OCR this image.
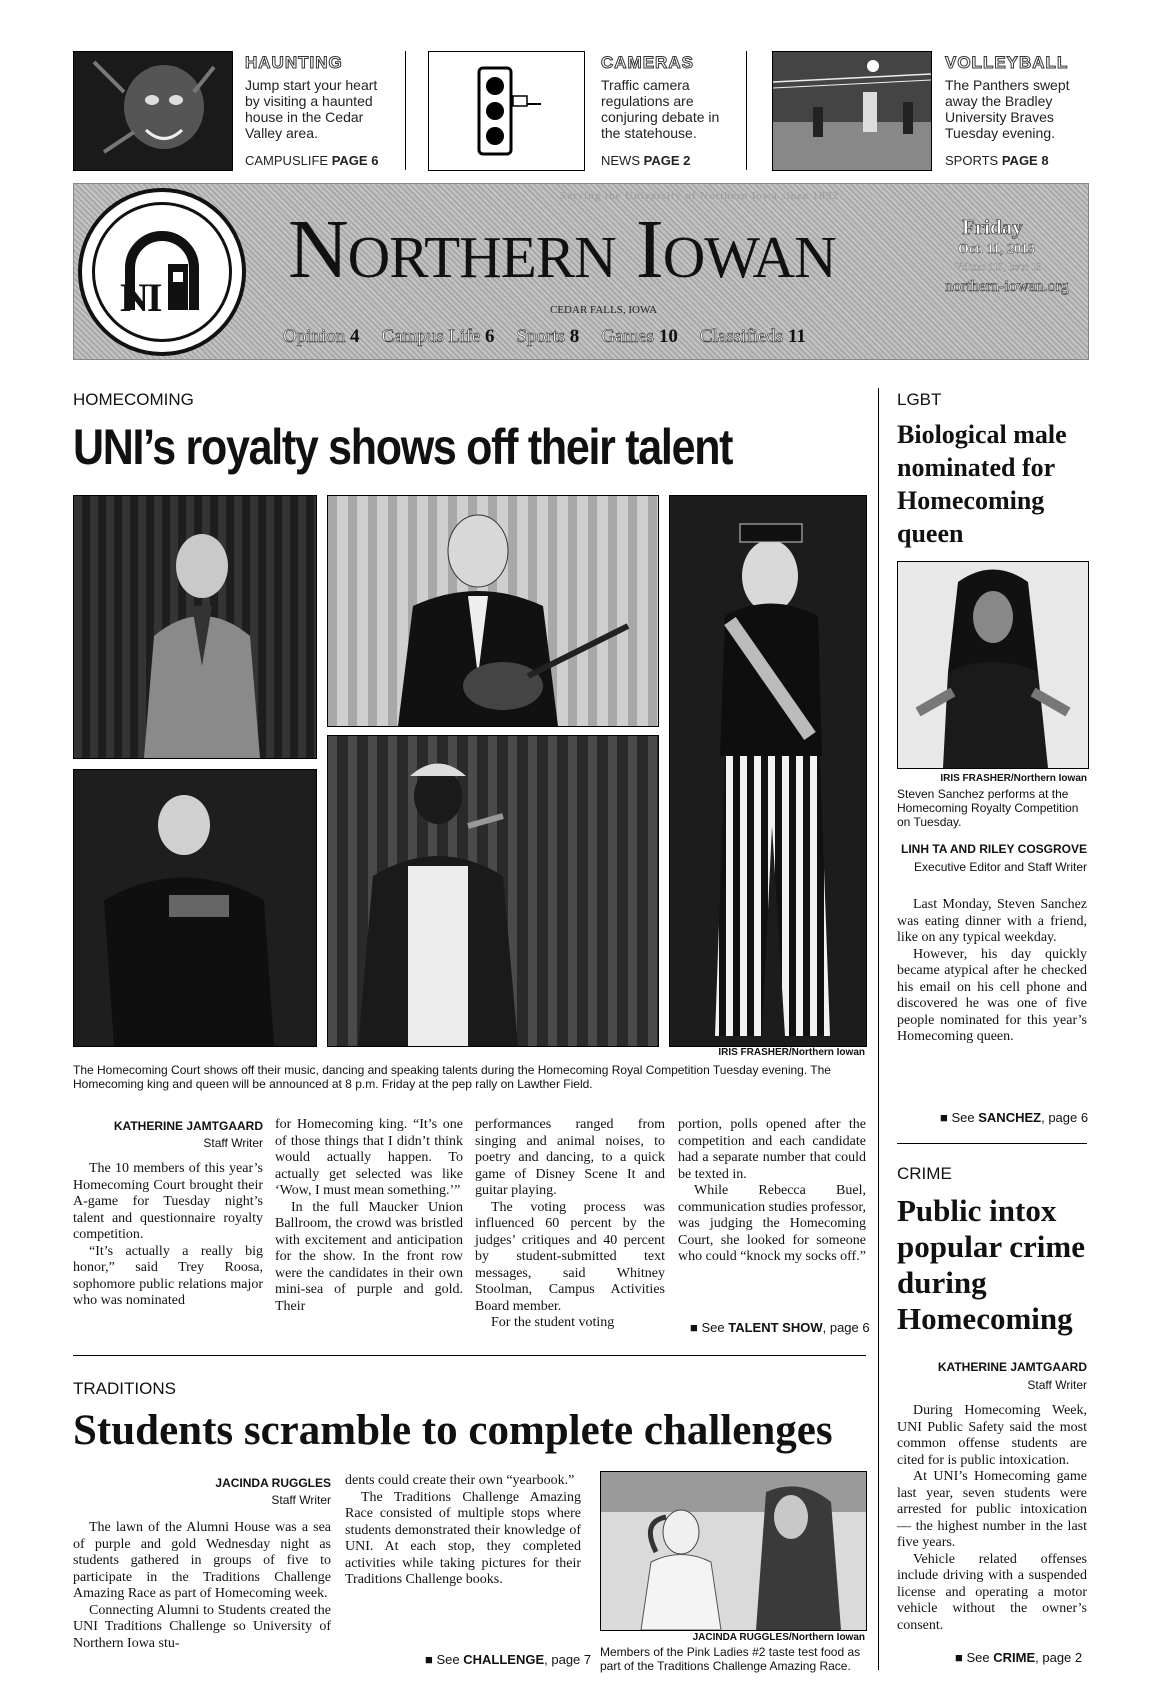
HAUNTING
Jump start your heart by visiting a haunted house in the Cedar Valley area.
CAMPUSLIFE PAGE 6
CAMERAS
Traffic camera regulations are conjuring debate in the statehouse.
NEWS PAGE 2
VOLLEYBALL
The Panthers swept away the Bradley University Braves Tuesday evening.
SPORTS PAGE 8
NI
Serving the University of Northern Iowa since 1892
Northern Iowan
CEDAR FALLS, IOWA
Friday
Oct. 11, 2013
Volume 110, Issue 13
northern-iowan.org
Opinion 4 Campus Life 6 Sports 8 Games 10 Classifieds 11
HOMECOMING
UNI’s royalty shows off their talent
IRIS FRASHER/Northern Iowan
The Homecoming Court shows off their music, dancing and speaking talents during the Homecoming Royal Competition Tuesday evening. The Homecoming king and queen will be announced at 8 p.m. Friday at the pep rally on Lawther Field.
KATHERINE JAMTGAARD
Staff Writer

The 10 members of this year’s Homecoming Court brought their A-game for Tuesday night’s talent and questionnaire royalty competition.

“It’s actually a really big honor,” said Trey Roosa, sophomore public relations major who was nominated

for Homecoming king. “It’s one of those things that I didn’t think would actually happen. To actually get selected was like ‘Wow, I must mean something.’”

In the full Maucker Union Ballroom, the crowd was bristled with excitement and anticipation for the show. In the front row were the candidates in their own mini-sea of purple and gold. Their

performances ranged from singing and animal noises, to poetry and dancing, to a quick game of Disney Scene It and guitar playing.

The voting process was influenced 60 percent by the judges’ critiques and 40 percent by student-submitted text messages, said Whitney Stoolman, Campus Activities Board member.

For the student voting

portion, polls opened after the competition and each candidate had a separate number that could be texted in.

While Rebecca Buel, communication studies professor, was judging the Homecoming Court, she looked for someone who could “knock my socks off.”

■ See TALENT SHOW, page 6
LGBT
Biological male nominated for Homecoming queen
IRIS FRASHER/Northern Iowan
Steven Sanchez performs at the Homecoming Royalty Competition on Tuesday.
LINH TA AND RILEY COSGROVE
Executive Editor and Staff Writer

Last Monday, Steven Sanchez was eating dinner with a friend, like on any typical weekday.

However, his day quickly became atypical after he checked his email on his cell phone and discovered he was one of five people nominated for this year’s Homecoming queen.

■ See SANCHEZ, page 6
CRIME
Public intox popular crime during Homecoming
KATHERINE JAMTGAARD
Staff Writer

During Homecoming Week, UNI Public Safety said the most common offense students are cited for is public intoxication.

At UNI’s Homecoming game last year, seven students were arrested for public intoxication — the highest number in the last five years.

Vehicle related offenses include driving with a suspended license and operating a motor vehicle without the owner’s consent.

■ See CRIME, page 2
TRADITIONS
Students scramble to complete challenges
JACINDA RUGGLES
Staff Writer

The lawn of the Alumni House was a sea of purple and gold Wednesday night as students gathered in groups of five to participate in the Traditions Challenge Amazing Race as part of Homecoming week.

Connecting Alumni to Students created the UNI Traditions Challenge so University of Northern Iowa stu-

dents could create their own “yearbook.”

The Traditions Challenge Amazing Race consisted of multiple stops where students demonstrated their knowledge of UNI. At each stop, they completed activities while taking pictures for their Traditions Challenge books.

■ See CHALLENGE, page 7
JACINDA RUGGLES/Northern Iowan
Members of the Pink Ladies #2 taste test food as part of the Traditions Challenge Amazing Race.
